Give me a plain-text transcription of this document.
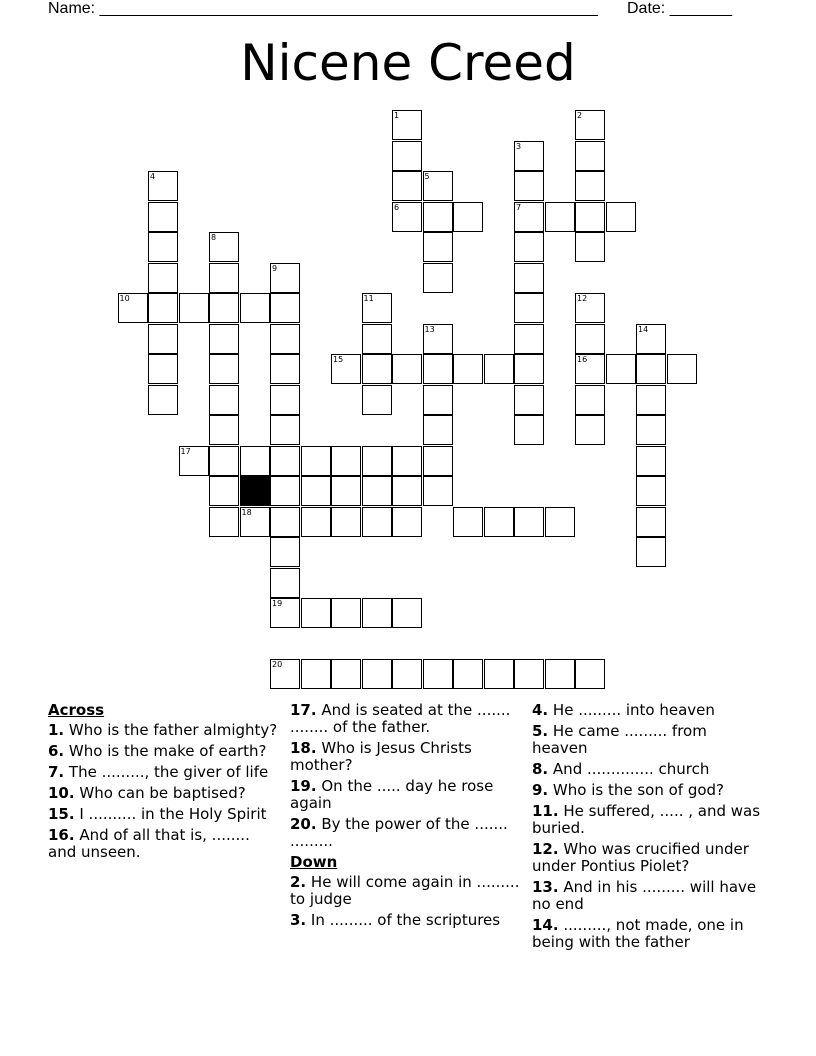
Name: ________________________________________________________ Date: _______
Nicene Creed
1	2
3
7
4	5
6
8
9
10	11	12
13	14
15	16
17
18
19
20
Across
1. Who is the father almighty?
6. Who is the make of earth?
7. The ........., the giver of life
10. Who can be baptised?
15. I .......... in the Holy Spirit
16. And of all that is, ........ and unseen.
17. And is seated at the ....... ........ of the father.
18. Who is Jesus Christs mother?
19. On the ..... day he rose again
20. By the power of the ....... .........
Down
2. He will come again in ......... to judge
3. In ......... of the scriptures
4. He ......... into heaven
5. He came ......... from heaven
8. And .............. church
9. Who is the son of god?
11. He suffered, ..... , and was buried.
12. Who was crucified under under Pontius Piolet?
13. And in his ......... will have no end
14. ........., not made, one in being with the father
